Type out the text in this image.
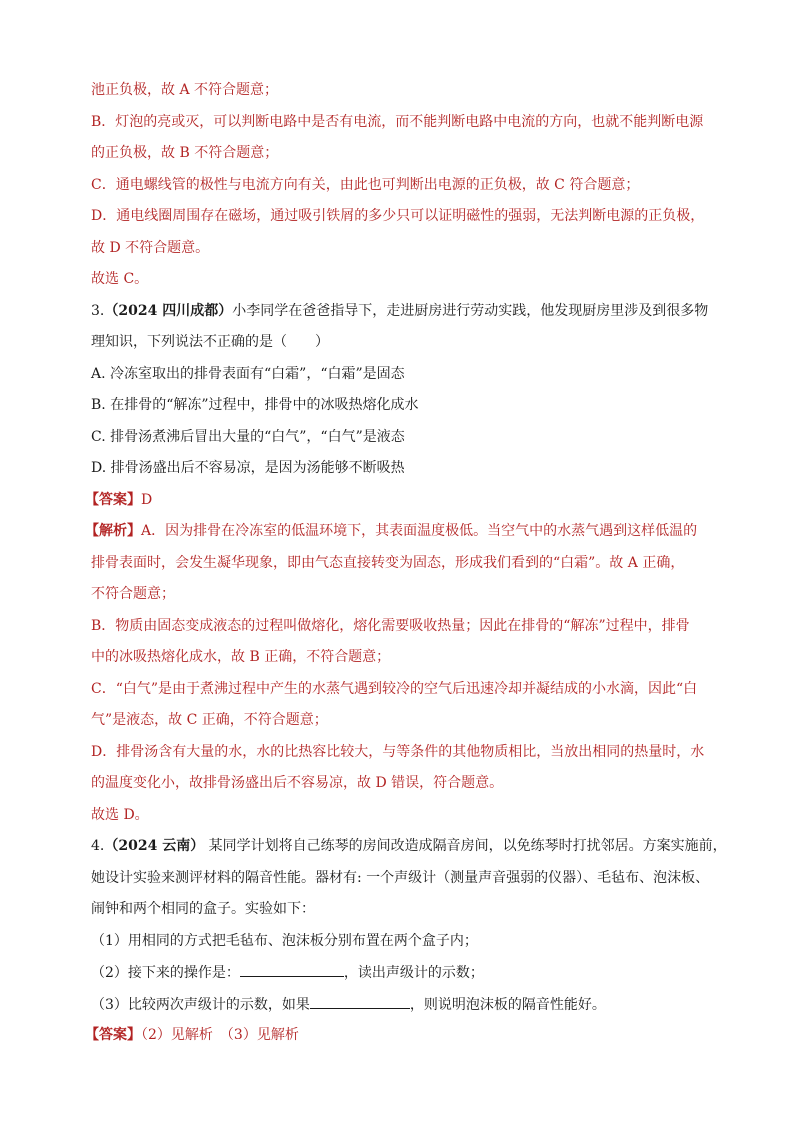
池正负极，故 A 不符合题意；
B．灯泡的亮或灭，可以判断电路中是否有电流，而不能判断电路中电流的方向，也就不能判断电源
的正负极，故 B 不符合题意；
C．通电螺线管的极性与电流方向有关，由此也可判断出电源的正负极，故 C 符合题意；
D．通电线圈周围存在磁场，通过吸引铁屑的多少只可以证明磁性的强弱，无法判断电源的正负极，
故 D 不符合题意。
故选 C。
3.（2024 四川成都）小李同学在爸爸指导下，走进厨房进行劳动实践，他发现厨房里涉及到很多物
理知识，下列说法不正确的是（　　）
A. 冷冻室取出的排骨表面有“白霜”，“白霜”是固态
B. 在排骨的“解冻”过程中，排骨中的冰吸热熔化成水
C. 排骨汤煮沸后冒出大量的“白气”，“白气”是液态
D. 排骨汤盛出后不容易凉，是因为汤能够不断吸热
【答案】D
【解析】A．因为排骨在冷冻室的低温环境下，其表面温度极低。当空气中的水蒸气遇到这样低温的
排骨表面时，会发生凝华现象，即由气态直接转变为固态，形成我们看到的“白霜”。故 A 正确，
不符合题意；
B．物质由固态变成液态的过程叫做熔化，熔化需要吸收热量；因此在排骨的“解冻”过程中，排骨
中的冰吸热熔化成水，故 B 正确，不符合题意；
C．“白气”是由于煮沸过程中产生的水蒸气遇到较冷的空气后迅速冷却并凝结成的小水滴，因此“白
气”是液态，故 C 正确，不符合题意；
D．排骨汤含有大量的水，水的比热容比较大，与等条件的其他物质相比，当放出相同的热量时，水
的温度变化小，故排骨汤盛出后不容易凉，故 D 错误，符合题意。
故选 D。
4.（2024 云南） 某同学计划将自己练琴的房间改造成隔音房间，以免练琴时打扰邻居。方案实施前，
她设计实验来测评材料的隔音性能。器材有: 一个声级计（测量声音强弱的仪器）、毛毡布、泡沫板、
闹钟和两个相同的盒子。实验如下：
（1）用相同的方式把毛毡布、泡沫板分别布置在两个盒子内；
（2）接下来的操作是：	，读出声级计的示数；
（3）比较两次声级计的示数，如果	，则说明泡沫板的隔音性能好。
【答案】（2）见解析　（3）见解析
